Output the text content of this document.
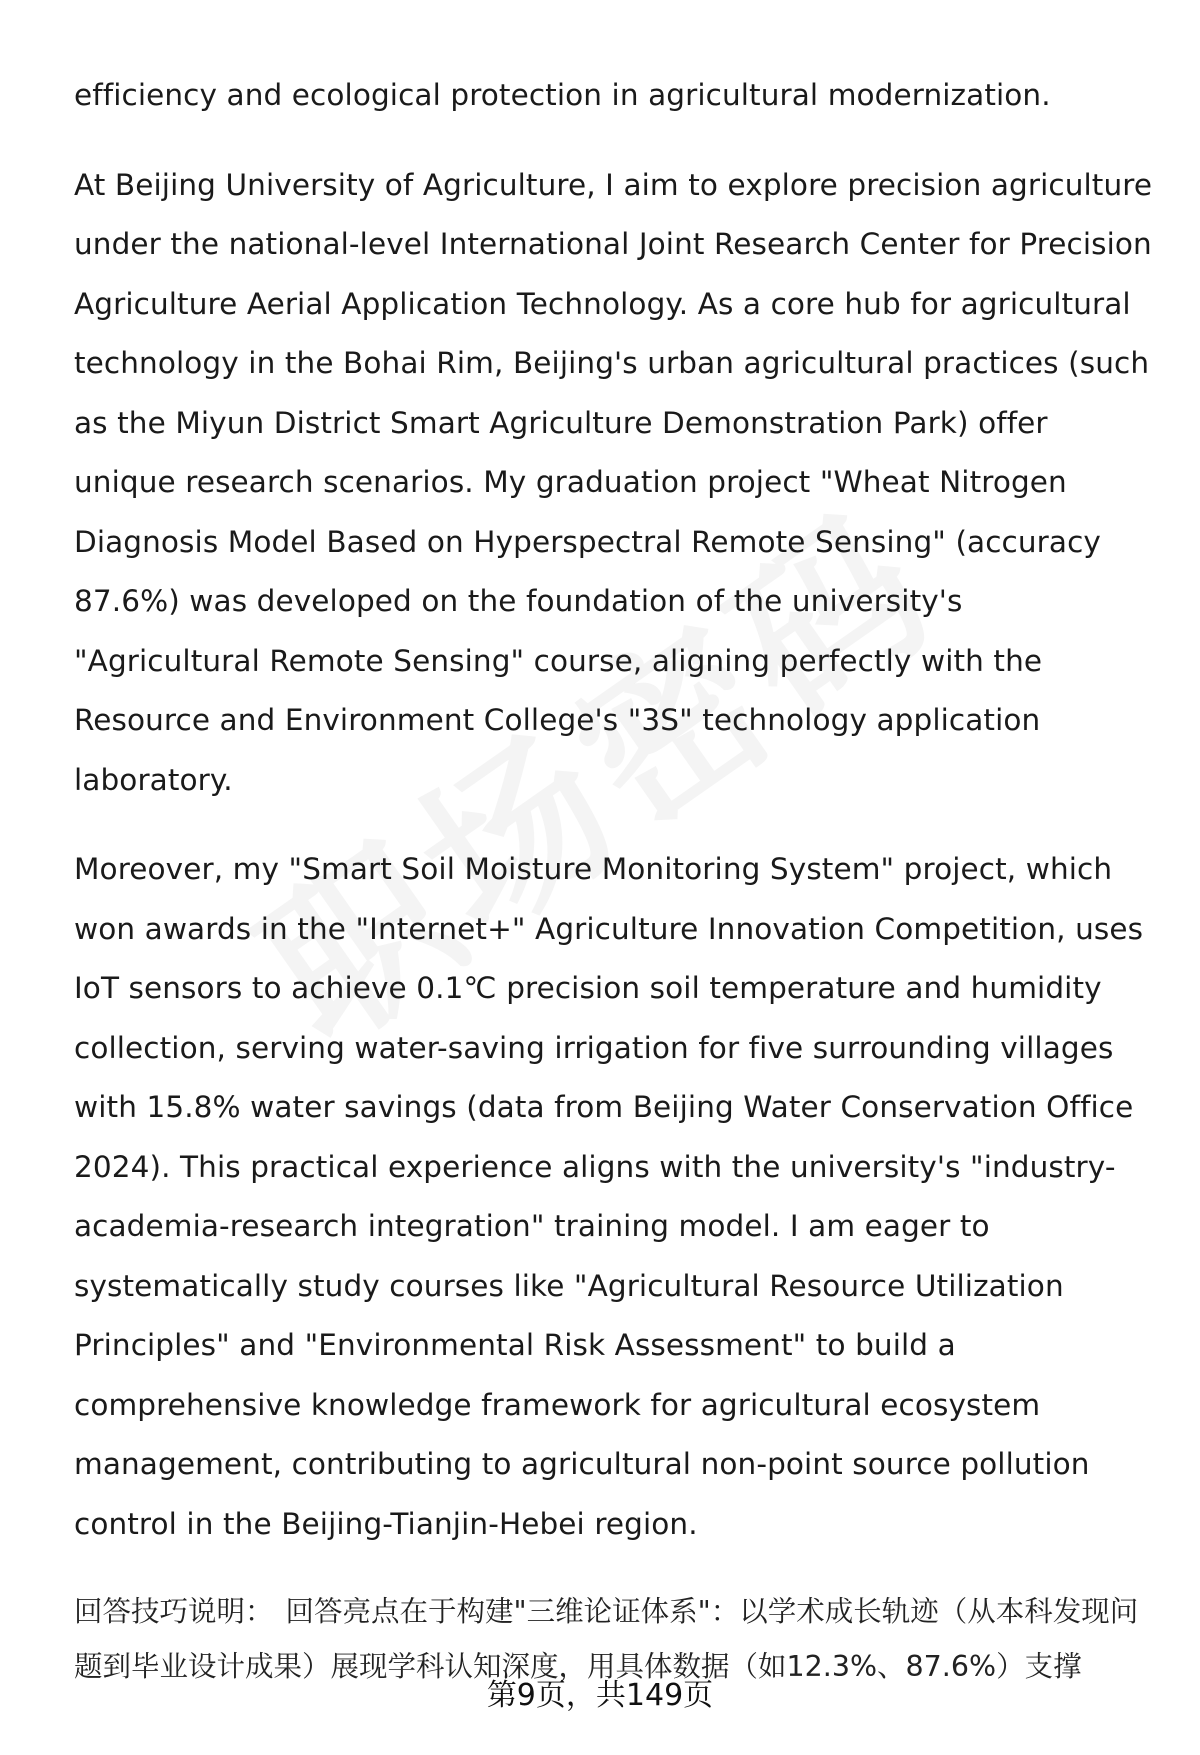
efficiency and ecological protection in agricultural modernization.

At Beijing University of Agriculture, I aim to explore precision agriculture under the national-level International Joint Research Center for Precision Agriculture Aerial Application Technology. As a core hub for agricultural technology in the Bohai Rim, Beijing's urban agricultural practices (such as the Miyun District Smart Agriculture Demonstration Park) offer unique research scenarios. My graduation project "Wheat Nitrogen Diagnosis Model Based on Hyperspectral Remote Sensing" (accuracy 87.6%) was developed on the foundation of the university's "Agricultural Remote Sensing" course, aligning perfectly with the Resource and Environment College's "3S" technology application laboratory.

Moreover, my "Smart Soil Moisture Monitoring System" project, which won awards in the "Internet+" Agriculture Innovation Competition, uses IoT sensors to achieve 0.1℃ precision soil temperature and humidity collection, serving water-saving irrigation for five surrounding villages with 15.8% water savings (data from Beijing Water Conservation Office 2024). This practical experience aligns with the university's "industry-academia-research integration" training model. I am eager to systematically study courses like "Agricultural Resource Utilization Principles" and "Environmental Risk Assessment" to build a comprehensive knowledge framework for agricultural ecosystem management, contributing to agricultural non-point source pollution control in the Beijing-Tianjin-Hebei region.

回答技巧说明： 回答亮点在于构建"三维论证体系"：以学术成长轨迹（从本科发现问题到毕业设计成果）展现学科认知深度，用具体数据（如12.3%、87.6%）支撑

第9页，共149页
